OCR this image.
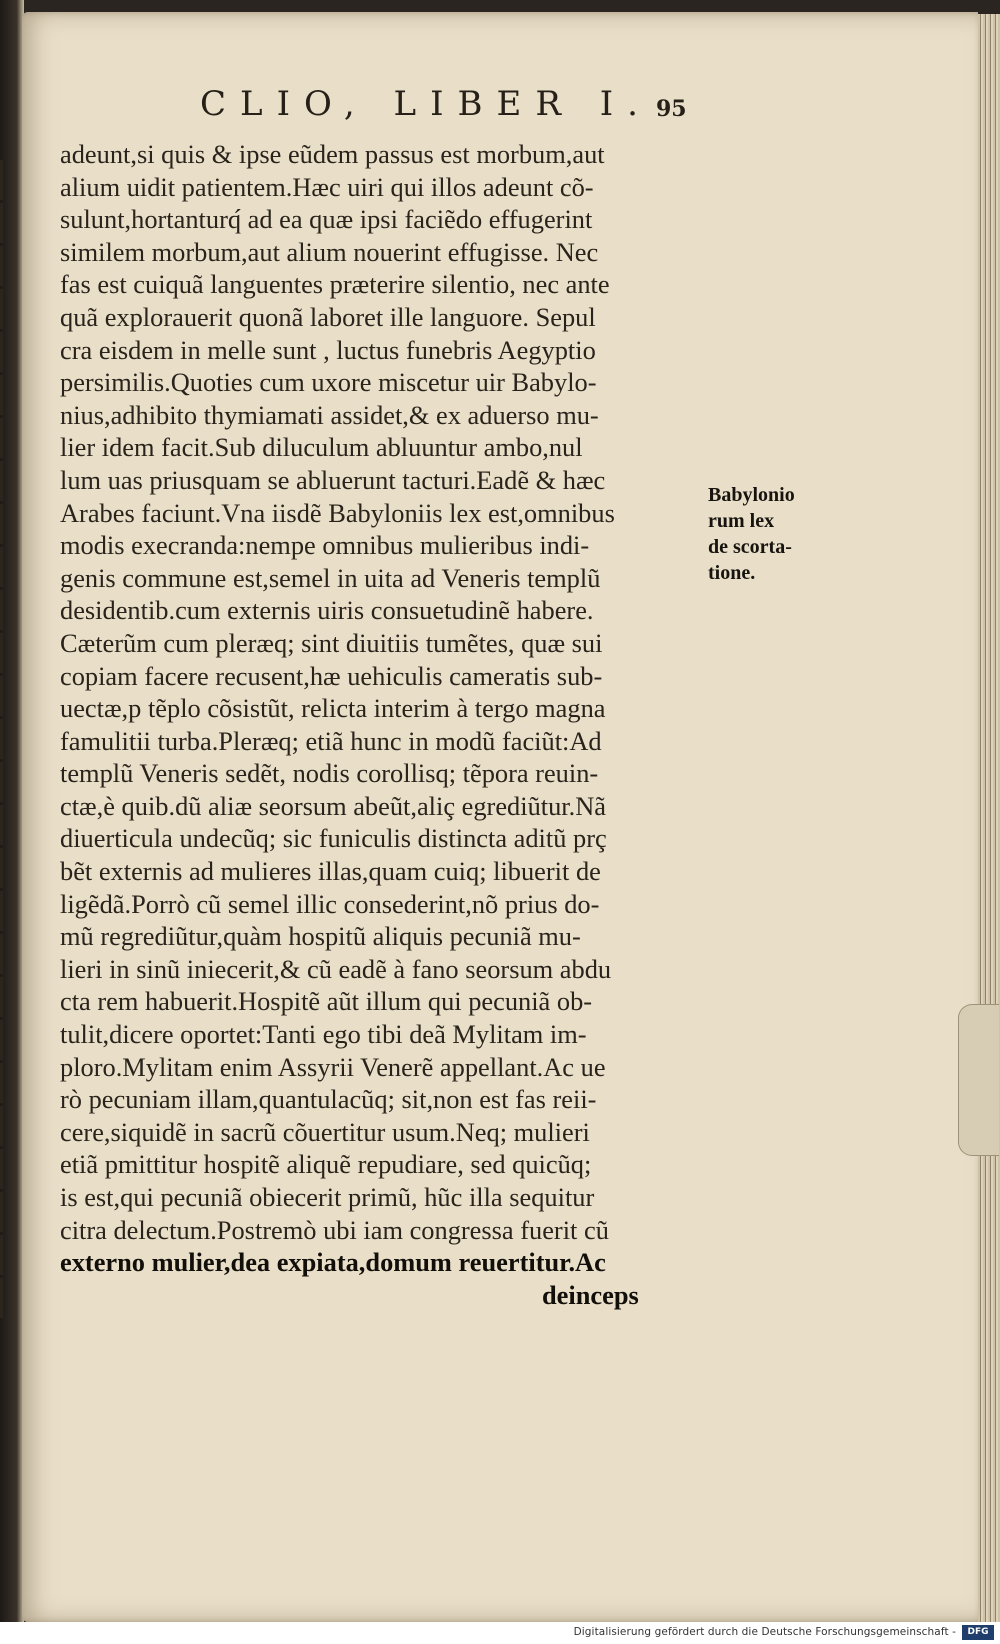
CLIO, LIBER I. 95
adeunt,si quis & ipse eũdem passus est morbum,aut
alium uidit patientem.Hæc uiri qui illos adeunt cõ-
sulunt,hortanturq́ ad ea quæ ipsi faciẽdo effugerint
similem morbum,aut alium nouerint effugisse. Nec
fas est cuiquã languentes præterire silentio, nec ante
quã explorauerit quonã laboret ille languore. Sepul
cra eisdem in melle sunt , luctus funebris Aegyptio
persimilis.Quoties cum uxore miscetur uir Babylo-
nius,adhibito thymiamati assidet,& ex aduerso mu-
lier idem facit.Sub diluculum abluuntur ambo,nul
lum uas priusquam se abluerunt tacturi.Eadẽ & hæc
Arabes faciunt.Vna iisdẽ Babyloniis lex est,omnibus
modis execranda:nempe omnibus mulieribus indi-
genis commune est,semel in uita ad Veneris templũ
desidentib.cum externis uiris consuetudinẽ habere.
Cæterũm cum pleræq; sint diuitiis tumẽtes, quæ sui
copiam facere recusent,hæ uehiculis cameratis sub-
uectæ,p tẽplo cõsistũt, relicta interim à tergo magna
famulitii turba.Pleræq; etiã hunc in modũ faciũt:Ad
templũ Veneris sedẽt, nodis corollisq; tẽpora reuin-
ctæ,è quib.dũ aliæ seorsum abeũt,aliç egrediũtur.Nã
diuerticula undecũq; sic funiculis distincta aditũ prç
bẽt externis ad mulieres illas,quam cuiq; libuerit de
ligẽdã.Porrò cũ semel illic consederint,nõ prius do-
mũ regrediũtur,quàm hospitũ aliquis pecuniã mu-
lieri in sinũ iniecerit,& cũ eadẽ à fano seorsum abdu
cta rem habuerit.Hospitẽ aũt illum qui pecuniã ob-
tulit,dicere oportet:Tanti ego tibi deã Mylitam im-
ploro.Mylitam enim Assyrii Venerẽ appellant.Ac ue
rò pecuniam illam,quantulacũq; sit,non est fas reii-
cere,siquidẽ in sacrũ cõuertitur usum.Neq; mulieri
etiã pmittitur hospitẽ aliquẽ repudiare, sed quicũq;
is est,qui pecuniã obiecerit primũ, hũc illa sequitur
citra delectum.Postremò ubi iam congressa fuerit cũ
externo mulier,dea expiata,domum reuertitur.Ac
deinceps
Babylonio
rum lex
de scorta-
tione.
Digitalisierung gefördert durch die Deutsche Forschungsgemeinschaft -	DFG
